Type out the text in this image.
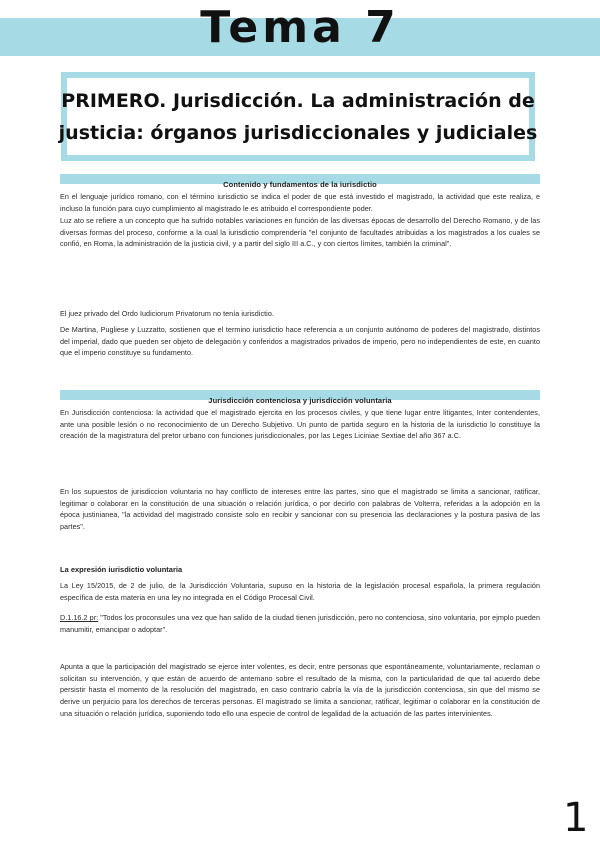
Tema 7
PRIMERO. Jurisdicción. La administración de
justicia: órganos jurisdiccionales y judiciales
Contenido y fundamentos de la iurisdictio
En el lenguaje jurídico romano, con el término iurisdictio se indica el poder de que está investido el magistrado, la actividad que este realiza, e incluso la función para cuyo cumplimiento al magistrado le es atribuido el correspondiente poder.
Luz ato se refiere a un concepto que ha sufrido notables variaciones en función de las diversas épocas de desarrollo del Derecho Romano, y de las diversas formas del proceso, conforme a la cual la iurisdictio comprendería "el conjunto de facultades atribuidas a los magistrados a los cuales se confió, en Roma, la administración de la justicia civil, y a partir del siglo III a.C., y con ciertos límites, también la criminal".
El juez privado del Ordo Iudiciorum Privatorum no tenía iurisdictio.
De Martina, Pugliese y Luzzatto, sostienen que el termino iurisdictio hace referencia a un conjunto autónomo de poderes del magistrado, distintos del imperial, dado que pueden ser objeto de delegación y conferidos a magistrados privados de imperio, pero no independientes de este, en cuanto que el imperio constituye su fundamento.
Jurisdicción contenciosa y jurisdicción voluntaria
En Jurisdicción contenciosa: la actividad que el magistrado ejercita en los procesos civiles, y que tiene lugar entre litigantes, Inter contendentes, ante una posible lesión o no reconocimiento de un Derecho Subjetivo. Un punto de partida seguro en la historia de la iurisdictio lo constituye la creación de la magistratura del pretor urbano con funciones jurisdiccionales, por las Leges Liciniae Sextiae del año 367 a.C.
En los supuestos de jurisdiccion voluntaria no hay conflicto de intereses entre las partes, sino que el magistrado se limita a sancionar, ratificar, legitimar o colaborar en la constitución de una situación o relación jurídica, o por decirlo con palabras de Volterra, referidas a la adopción en la época justinianea, "la actividad del magistrado consiste solo en recibir y sancionar con su presencia las declaraciones y la postura pasiva de las partes".
La expresión iurisdictio voluntaria
La Ley 15/2015, de 2 de julio, de la Jurisdicción Voluntaria, supuso en la historia de la legislación procesal española, la primera regulación específica de esta materia en una ley no integrada en el Código Procesal Civil.
D.1.16.2 pr: "Todos los proconsules una vez que han salido de la ciudad tienen jurisdicción, pero no contenciosa, sino voluntaria, por ejmplo pueden manumitir, emancipar o adoptar".
Apunta a que la participación del magistrado se ejerce inter volentes, es decir, entre personas que espontáneamente, voluntariamente, reclaman o solicitan su intervención, y que están de acuerdo de antemano sobre el resultado de la misma, con la particularidad de que tal acuerdo debe persistir hasta el momento de la resolución del magistrado, en caso contrario cabría la vía de la jurisdicción contenciosa, sin que del mismo se derive un perjuicio para los derechos de terceras personas. El magistrado se limita a sancionar, ratificar, legitimar o colaborar en la constitución de una situación o relación jurídica, suponiendo todo ello una especie de control de legalidad de la actuación de las partes intervinientes.
1
